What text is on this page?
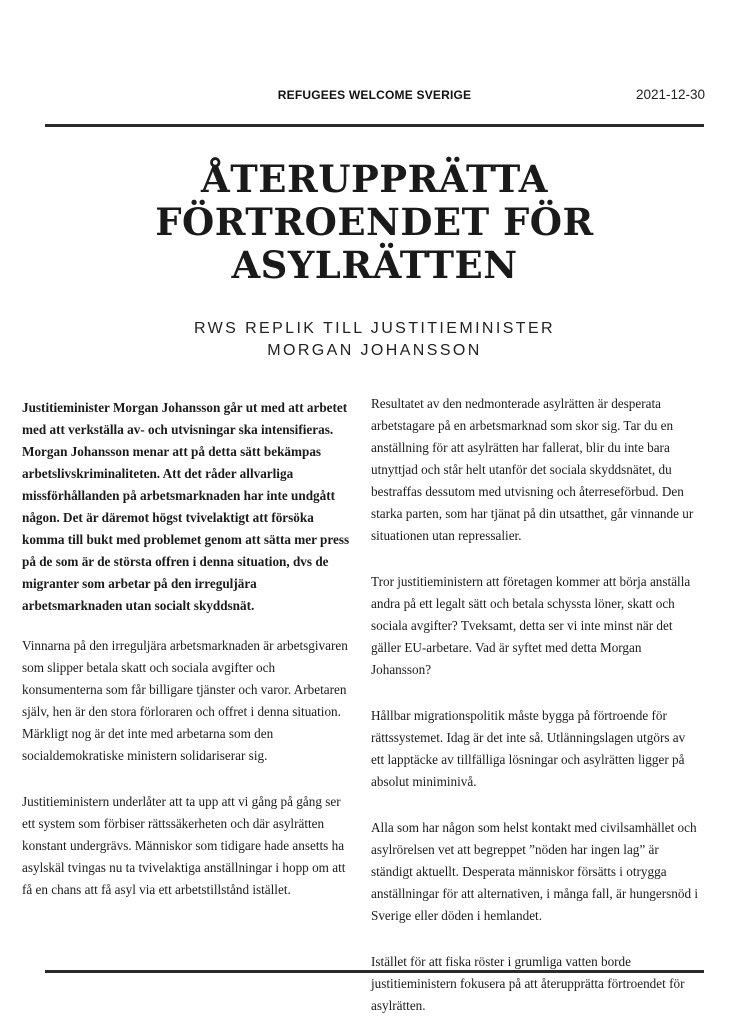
REFUGEES WELCOME SVERIGE	2021-12-30
ÅTERUPPRÄTTA
FÖRTROENDET FÖR
ASYLRÄTTEN
RWS REPLIK TILL JUSTITIEMINISTER
MORGAN JOHANSSON

Justitieminister Morgan Johansson går ut med att arbetet med att verkställa av- och utvisningar ska intensifieras. Morgan Johansson menar att på detta sätt bekämpas arbetslivskriminaliteten. Att det råder allvarliga missförhållanden på arbetsmarknaden har inte undgått någon. Det är däremot högst tvivelaktigt att försöka komma till bukt med problemet genom att sätta mer press på de som är de största offren i denna situation, dvs de migranter som arbetar på den irreguljära arbetsmarknaden utan socialt skyddsnät.

Vinnarna på den irreguljära arbetsmarknaden är arbetsgivaren som slipper betala skatt och sociala avgifter och konsumenterna som får billigare tjänster och varor. Arbetaren själv, hen är den stora förloraren och offret i denna situation. Märkligt nog är det inte med arbetarna som den socialdemokratiske ministern solidariserar sig.

Justitieministern underlåter att ta upp att vi gång på gång ser ett system som förbiser rättssäkerheten och där asylrätten konstant undergrävs. Människor som tidigare hade ansetts ha asylskäl tvingas nu ta tvivelaktiga anställningar i hopp om att få en chans att få asyl via ett arbetstillstånd istället.

Resultatet av den nedmonterade asylrätten är desperata arbetstagare på en arbetsmarknad som skor sig. Tar du en anställning för att asylrätten har fallerat, blir du inte bara utnyttjad och står helt utanför det sociala skyddsnätet, du bestraffas dessutom med utvisning och återreseförbud. Den starka parten, som har tjänat på din utsatthet, går vinnande ur situationen utan repressalier.

Tror justitieministern att företagen kommer att börja anställa andra på ett legalt sätt och betala schyssta löner, skatt och sociala avgifter? Tveksamt, detta ser vi inte minst när det gäller EU-arbetare. Vad är syftet med detta Morgan Johansson?

Hållbar migrationspolitik måste bygga på förtroende för rättssystemet. Idag är det inte så. Utlänningslagen utgörs av ett lapptäcke av tillfälliga lösningar och asylrätten ligger på absolut miniminivå.

Alla som har någon som helst kontakt med civilsamhället och asylrörelsen vet att begreppet ”nöden har ingen lag” är ständigt aktuellt. Desperata människor försätts i otrygga anställningar för att alternativen, i många fall, är hungersnöd i Sverige eller döden i hemlandet.

Istället för att fiska röster i grumliga vatten borde justitieministern fokusera på att återupprätta förtroendet för asylrätten.
